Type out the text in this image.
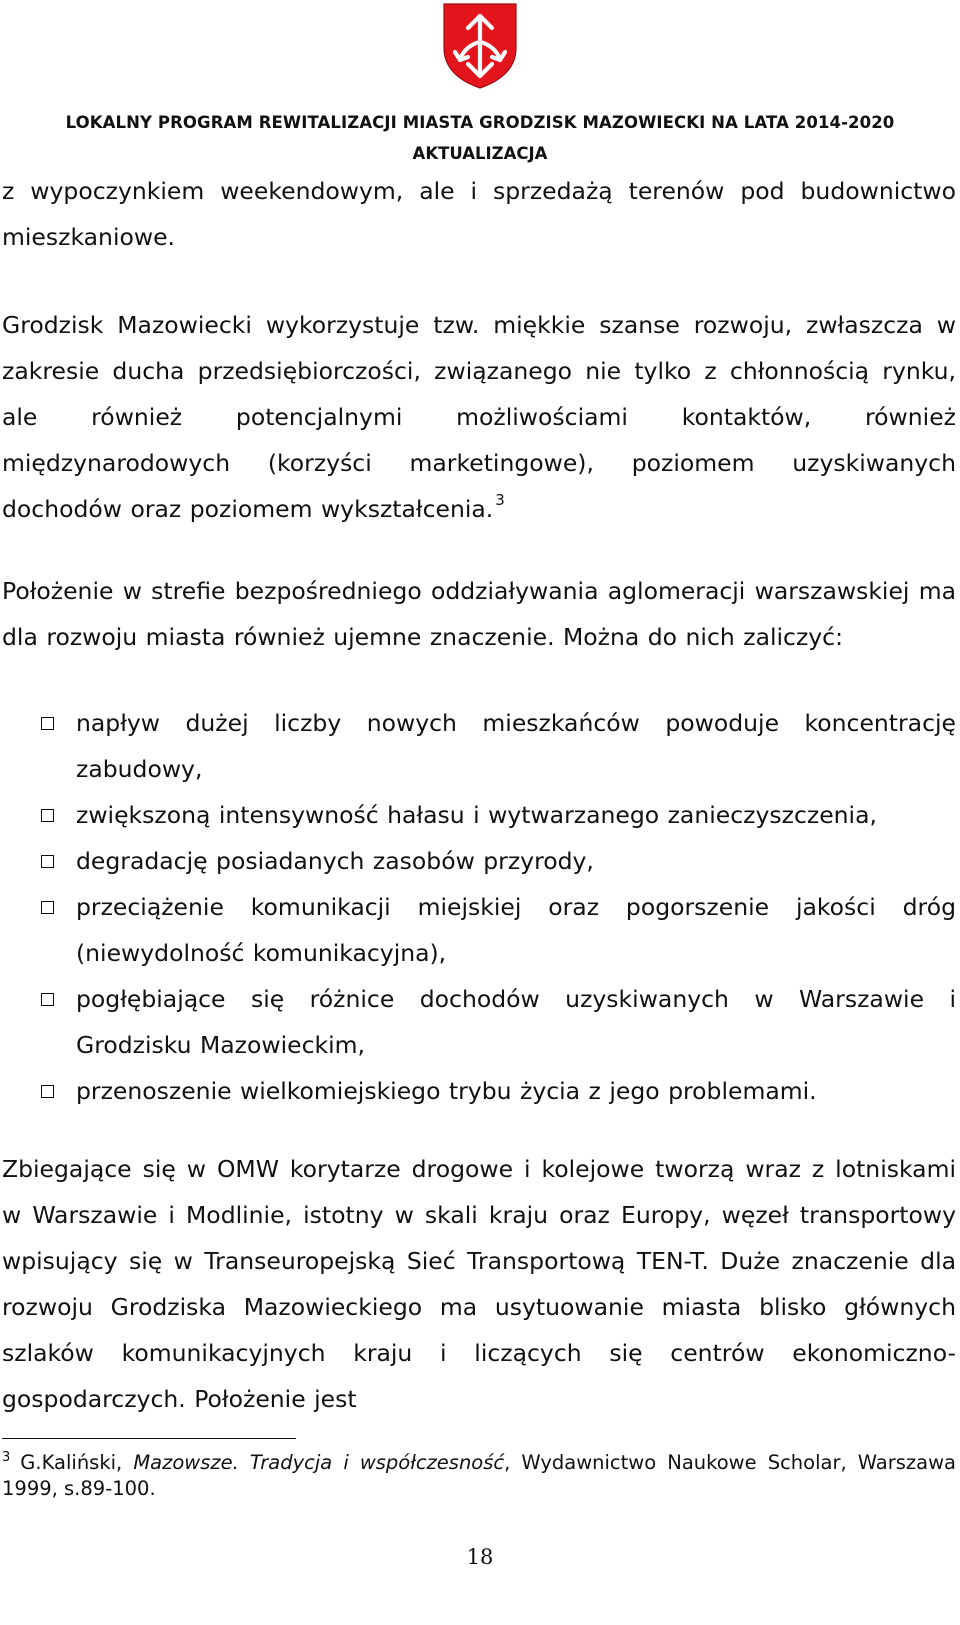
LOKALNY PROGRAM REWITALIZACJI MIASTA GRODZISK MAZOWIECKI NA LATA 2014-2020
AKTUALIZACJA

z wypoczynkiem weekendowym, ale i sprzedażą terenów pod budownictwo mieszkaniowe.

Grodzisk Mazowiecki wykorzystuje tzw. miękkie szanse rozwoju, zwłaszcza w zakresie ducha przedsiębiorczości, związanego nie tylko z chłonnością rynku, ale również potencjalnymi możliwościami kontaktów, również międzynarodowych (korzyści marketingowe), poziomem uzyskiwanych dochodów oraz poziomem wykształcenia. $^3$

Położenie w strefie bezpośredniego oddziaływania aglomeracji warszawskiej ma dla rozwoju miasta również ujemne znaczenie. Można do nich zaliczyć:

napływ dużej liczby nowych mieszkańców powoduje koncentrację zabudowy,
zwiększoną intensywność hałasu i wytwarzanego zanieczyszczenia,
degradację posiadanych zasobów przyrody,
przeciążenie komunikacji miejskiej oraz pogorszenie jakości dróg (niewydolność komunikacyjna),
pogłębiające się różnice dochodów uzyskiwanych w Warszawie i Grodzisku Mazowieckim,
przenoszenie wielkomiejskiego trybu życia z jego problemami.

Zbiegające się w OMW korytarze drogowe i kolejowe tworzą wraz z lotniskami w Warszawie i Modlinie, istotny w skali kraju oraz Europy, węzeł transportowy wpisujący się w Transeuropejską Sieć Transportową TEN-T. Duże znaczenie dla rozwoju Grodziska Mazowieckiego ma usytuowanie miasta blisko głównych szlaków komunikacyjnych kraju i liczących się centrów ekonomiczno-gospodarczych. Położenie jest

$^3$ G.Kaliński, Mazowsze. Tradycja i współczesność, Wydawnictwo Naukowe Scholar, Warszawa 1999, s.89-100.
18
